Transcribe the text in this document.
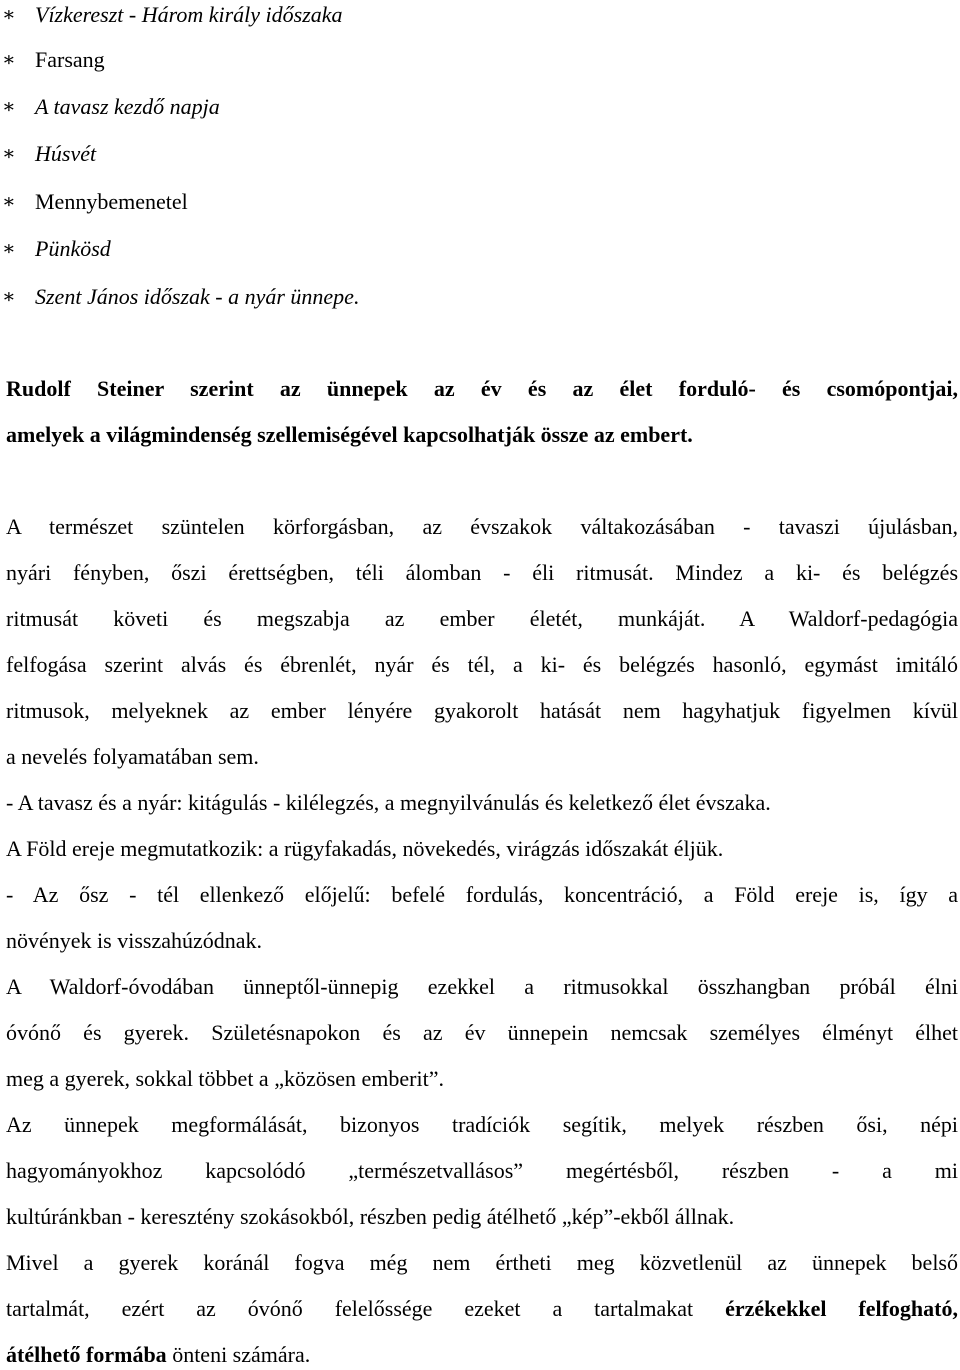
∗ Vízkereszt - Három király időszaka
∗ Farsang
∗ A tavasz kezdő napja
∗ Húsvét
∗ Mennybemenetel
∗ Pünkösd
∗ Szent János időszak - a nyár ünnepe.
Rudolf Steiner szerint az ünnepek az év és az élet forduló- és csomópontjai,
amelyek a világmindenség szellemiségével kapcsolhatják össze az embert.
A természet szüntelen körforgásban, az évszakok váltakozásában - tavaszi újulásban,
nyári fényben, őszi érettségben, téli álomban - éli ritmusát. Mindez a ki- és belégzés
ritmusát követi és megszabja az ember életét, munkáját. A Waldorf-pedagógia
felfogása szerint alvás és ébrenlét, nyár és tél, a ki- és belégzés hasonló, egymást imitáló
ritmusok, melyeknek az ember lényére gyakorolt hatását nem hagyhatjuk figyelmen kívül
a nevelés folyamatában sem.
- A tavasz és a nyár: kitágulás - kilélegzés, a megnyilvánulás és keletkező élet évszaka.
A Föld ereje megmutatkozik: a rügyfakadás, növekedés, virágzás időszakát éljük.
- Az ősz - tél ellenkező előjelű: befelé fordulás, koncentráció, a Föld ereje is, így a
növények is visszahúzódnak.
A Waldorf-óvodában ünneptől-ünnepig ezekkel a ritmusokkal összhangban próbál élni
óvónő és gyerek. Születésnapokon és az év ünnepein nemcsak személyes élményt élhet
meg a gyerek, sokkal többet a „közösen emberit”.
Az ünnepek megformálását, bizonyos tradíciók segítik, melyek részben ősi, népi
hagyományokhoz kapcsolódó „természetvallásos” megértésből, részben - a mi
kultúránkban - keresztény szokásokból, részben pedig átélhető „kép”-ekből állnak.
Mivel a gyerek koránál fogva még nem értheti meg közvetlenül az ünnepek belső
tartalmát, ezért az óvónő felelőssége ezeket a tartalmakat érzékekkel felfogható,
átélhető formába önteni számára.
